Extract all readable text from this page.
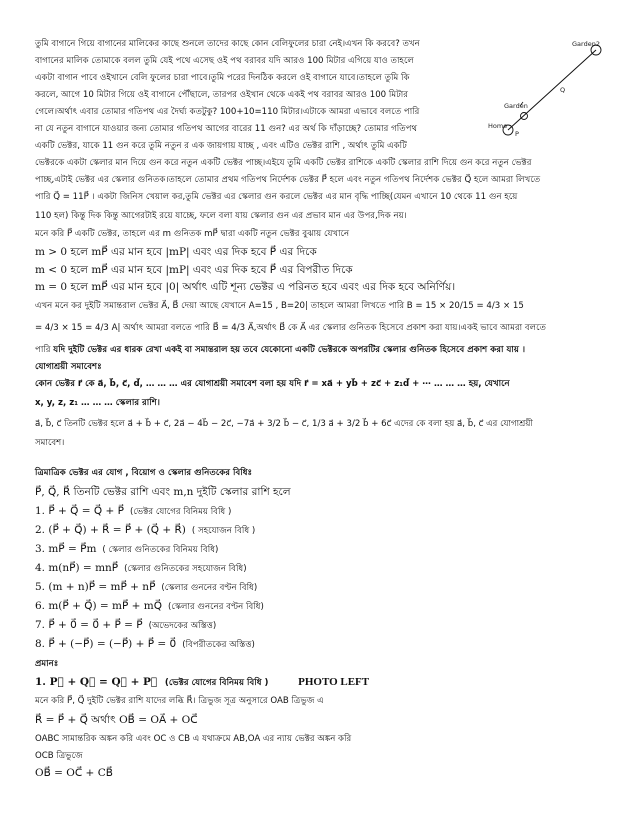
Garden2
Q
Garden
Home
P
তুমি বাগানে গিয়ে বাগানের মালিকের কাছে শুনলে তাদের কাছে কোন বেলিফুলের চারা নেই।এখন কি করবে? তখন
বাগানের মালিক তোমাকে বলল তুমি যেই পথে এসেছ ওই পথ বরাবর যদি আরও 100 মিটার এগিয়ে যাও তাহলে
একটা বাগান পাবে ওইখানে বেলি ফুলের চারা পাবে।তুমি পরের দিনঠিক করলে ওই বাগানে যাবে।তাহলে তুমি কি
করলে, আগে 10 মিটার গিয়ে ওই বাগানে পৌঁছালে, তারপর ওইখান থেকে একই পথ বরাবর আরও 100 মিটার
গেলে।অর্থাৎ এবার তোমার গতিপথ এর দৈর্ঘ্য কতটুকু? 100+10=110 মিটার।এটাকে আমরা এভাবে বলতে পারি
না যে নতুন বাগানে যাওয়ার জন্য তোমার গতিপথ আগের বারের 11 গুন? এর অর্থ কি দাঁড়াচ্ছে? তোমার গতিপথ
একটি ভেক্টর, যাকে 11 গুন করে তুমি নতুন র এক জায়গায় যাচ্ছ , এবং এটিও ভেক্টর রাশি , অর্থাৎ তুমি একটি
ভেক্টরকে একটা স্কেলার মান দিয়ে গুন করে নতুন একটি ভেক্টর পাচ্ছ।এইযে তুমি একটি ভেক্টর রাশিকে একটি স্কেলার রাশি দিয়ে গুন করে নতুন ভেক্টর
পাচ্ছ,এটাই ভেক্টর এর স্কেলার গুনিতক।তাহলে তোমার প্রথম গতিপথ নির্দেশক ভেক্টর P⃗ হলে এবং নতুন গতিপথ নির্দেশক ভেক্টর Q⃗ হলে আমরা লিখতে
পারি Q⃗ = 11P⃗ । একটা জিনিস খেয়াল কর,তুমি ভেক্টর এর স্কেলার গুন করলে ভেক্টর এর মান বৃদ্ধি পাচ্ছি(যেমন এখানে 10 থেকে 11 গুন হয়ে
110 হল) কিন্তু দিক কিন্তু আগেরটাই রয়ে যাচ্ছে, ফলে বলা যায় স্কেলার গুন এর প্রভাব মান এর উপর,দিক নয়।
মনে করি P⃗ একটি ভেক্টর, তাহলে এর m গুনিতক mP⃗ দ্বারা একটি নতুন ভেক্টর বুঝায় যেখানে
m > 0 হলে mP⃗ এর মান হবে |mP| এবং এর দিক হবে P⃗ এর দিকে
m < 0 হলে mP⃗ এর মান হবে |mP| এবং এর দিক হবে P⃗ এর বিপরীত দিকে
m = 0 হলে mP⃗ এর মান হবে |0| অর্থাৎ এটি শূন্য ভেক্টর এ পরিনত হবে এবং এর দিক হবে অনির্ণিয়।
এখন মনে কর দুইটি সমান্তরাল ভেক্টর A⃗, B⃗ দেয়া আছে যেখানে A=15 , B=20| তাহলে আমরা লিখতে পারি B = 15 × 20/15 = 4/3 × 15
= 4/3 × 15 = 4/3 A| অর্থাৎ আমরা বলতে পারি B⃗ = 4/3 A⃗,অর্থাৎ B⃗ কে A⃗ এর স্কেলার গুনিতক হিসেবে প্রকাশ করা যায়।একই ভাবে আমরা বলতে
পারি যদি দুইটি ভেক্টর এর ধারক রেখা একই বা সমান্তরাল হয় তবে যেকোনো একটি ভেক্টরকে অপরটির স্কেলার গুনিতক হিসেবে প্রকাশ করা যায় ।
যোগাশ্রয়ী সমাবেশঃ
কোন ভেক্টর r⃗ কে a⃗, b⃗, c⃗, d⃗, … … … এর যোগাশ্রয়ী সমাবেশ বলা হয় যদি r⃗ = xa⃗ + yb⃗ + zc⃗ + z₁d⃗ + ⋯ … … … হয়, যেখানে
x, y, z, z₁ … … … স্কেলার রাশি।
a⃗, b⃗, c⃗ তিনটি ভেক্টর হলে a⃗ + b⃗ + c⃗, 2a⃗ − 4b⃗ − 2c⃗, −7a⃗ + 3/2 b⃗ − c⃗, 1/3 a⃗ + 3/2 b⃗ + 6c⃗ এদের কে বলা হয় a⃗, b⃗, c⃗ এর যোগাশ্রয়ী
সমাবেশ।
ত্রিমাত্রিক ভেক্টর এর যোগ , বিয়োগ ও স্কেলার গুনিতকের বিধিঃ
P⃗, Q⃗, R⃗ তিনটি ভেক্টর রাশি এবং m,n দুইটি স্কেলার রাশি হলে
1. P⃗ + Q⃗ = Q⃗ + P⃗ (ভেক্টর যোগের বিনিময় বিধি )
2. (P⃗ + Q⃗) + R⃗ = P⃗ + (Q⃗ + R⃗) ( সহযোজন বিধি )
3. mP⃗ = P⃗m ( স্কেলার গুনিতকের বিনিময় বিধি)
4. m(nP⃗) = mnP⃗ (স্কেলার গুনিতকের সহযোজন বিধি)
5. (m + n)P⃗ = mP⃗ + nP⃗ (স্কেলার গুননের বণ্টন বিধি)
6. m(P⃗ + Q⃗) = mP⃗ + mQ⃗ (স্কেলার গুননের বণ্টন বিধি)
7. P⃗ + 0⃗ = 0⃗ + P⃗ = P⃗ (অভেদকের অস্তিত্ত)
8. P⃗ + (−P⃗) = (−P⃗) + P⃗ = 0⃗ (বিপরীতকের অস্তিত্ত)
প্রমানঃ
1. P⃗ + Q⃗ = Q⃗ + P⃗ (ভেক্টর যোগের বিনিময় বিধি )	PHOTO LEFT
মনে করি P⃗, Q⃗ দুইটি ভেক্টর রাশি যাদের লব্ধি R⃗। ত্রিভুজ সূত্র অনুসারে OAB ত্রিভুজ এ
R⃗ = P⃗ + Q⃗ অর্থাৎ OB⃗ = OA⃗ + OC⃗
OABC সামান্তরিক অঙ্কন করি এবং OC ও CB এ যথাক্রমে AB,OA এর ন্যায় ভেক্টর অঙ্কন করি
OCB ত্রিভুজে
OB⃗ = OC⃗ + CB⃗
